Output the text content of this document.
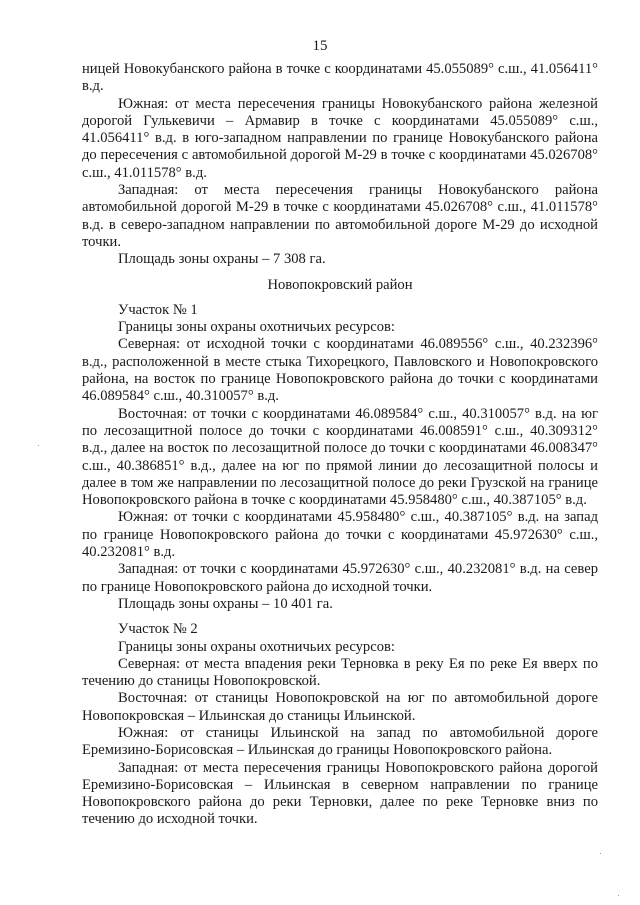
15

ницей Новокубанского района в точке с координатами 45.055089° с.ш., 41.056411° в.д.

Южная: от места пересечения границы Новокубанского района железной дорогой Гулькевичи – Армавир в точке с координатами 45.055089° с.ш., 41.056411° в.д. в юго-западном направлении по границе Новокубанского района до пересечения с автомобильной дорогой М-29 в точке с координатами 45.026708° с.ш., 41.011578° в.д.

Западная: от места пересечения границы Новокубанского района автомобильной дорогой М-29 в точке с координатами 45.026708° с.ш., 41.011578° в.д. в северо-западном направлении по автомобильной дороге М-29 до исходной точки.

Площадь зоны охраны – 7 308 га.

Новопокровский район

Участок № 1

Границы зоны охраны охотничьих ресурсов:

Северная: от исходной точки с координатами 46.089556° с.ш., 40.232396° в.д., расположенной в месте стыка Тихорецкого, Павловского и Новопокровского района, на восток по границе Новопокровского района до точки с координатами 46.089584° с.ш., 40.310057° в.д.

Восточная: от точки с координатами 46.089584° с.ш., 40.310057° в.д. на юг по лесозащитной полосе до точки с координатами 46.008591° с.ш., 40.309312° в.д., далее на восток по лесозащитной полосе до точки с координатами 46.008347° с.ш., 40.386851° в.д., далее на юг по прямой линии до лесозащитной полосы и далее в том же направлении по лесозащитной полосе до реки Грузской на границе Новопокровского района в точке с координатами 45.958480° с.ш., 40.387105° в.д.

Южная: от точки с координатами 45.958480° с.ш., 40.387105° в.д. на запад по границе Новопокровского района до точки с координатами 45.972630° с.ш., 40.232081° в.д.

Западная: от точки с координатами 45.972630° с.ш., 40.232081° в.д. на север по границе Новопокровского района до исходной точки.

Площадь зоны охраны – 10 401 га.

Участок № 2

Границы зоны охраны охотничьих ресурсов:

Северная: от места впадения реки Терновка в реку Ея по реке Ея вверх по течению до станицы Новопокровской.

Восточная: от станицы Новопокровской на юг по автомобильной дороге Новопокровская – Ильинская до станицы Ильинской.

Южная: от станицы Ильинской на запад по автомобильной дороге Еремизино-Борисовская – Ильинская до границы Новопокровского района.

Западная: от места пересечения границы Новопокровского района дорогой Еремизино-Борисовская – Ильинская в северном направлении по границе Новопокровского района до реки Терновки, далее по реке Терновке вниз по течению до исходной точки.
